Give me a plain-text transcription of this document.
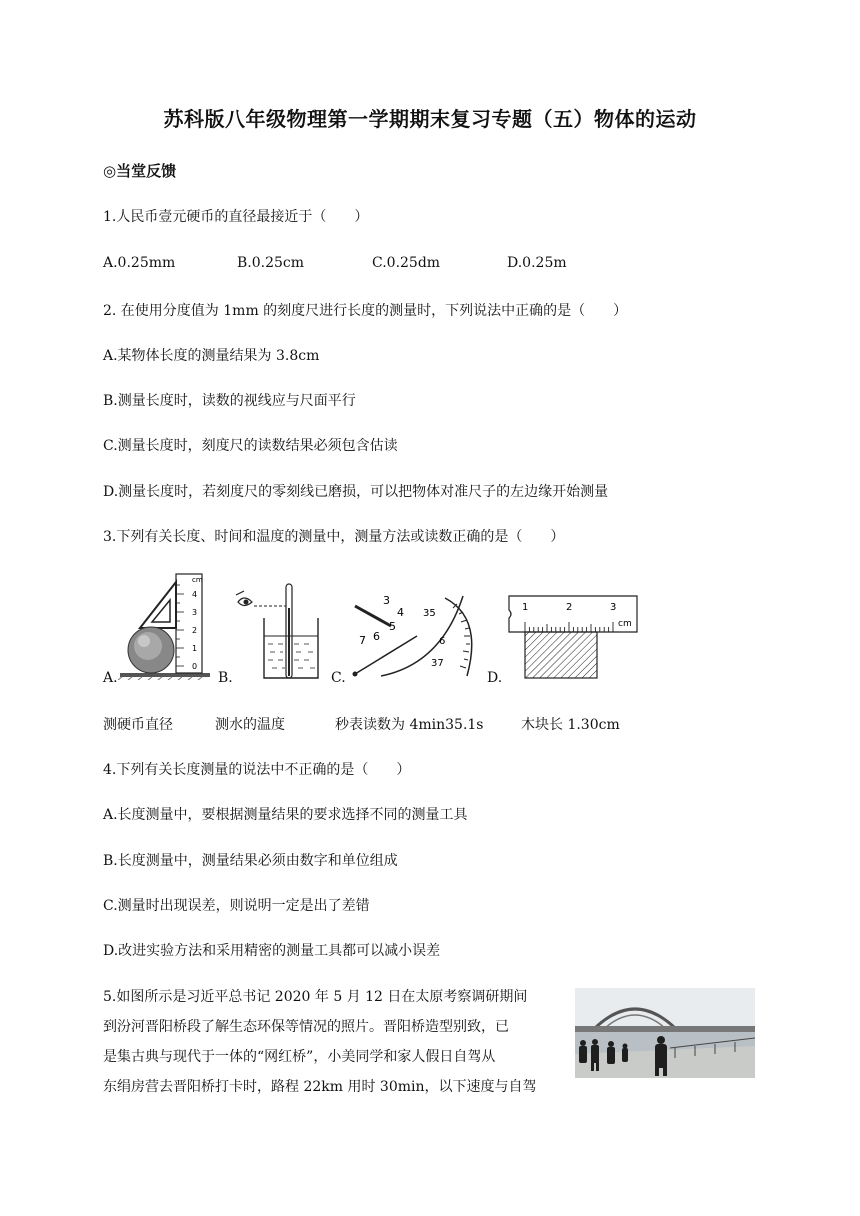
苏科版八年级物理第一学期期末复习专题（五）物体的运动
◎当堂反馈
1.人民币壹元硬币的直径最接近于（　　）
A.0.25mm	B.0.25cm	C.0.25dm	D.0.25m
2. 在使用分度值为 1mm 的刻度尺进行长度的测量时，下列说法中正确的是（　　）
A.某物体长度的测量结果为 3.8cm
B.测量长度时，读数的视线应与尺面平行
C.测量长度时，刻度尺的读数结果必须包含估读
D.测量长度时，若刻度尺的零刻线已磨损，可以把物体对准尺子的左边缘开始测量
3.下列有关长度、时间和温度的测量中，测量方法或读数正确的是（　　）
0
1
2
3
4
cm
A.	B.
3
4
5
6
7
35
6
37
C.
1	2	3
cm
D.
测硬币直径	测水的温度	秒表读数为 4min35.1s	木块长 1.30cm
4.下列有关长度测量的说法中不正确的是（　　）
A.长度测量中，要根据测量结果的要求选择不同的测量工具
B.长度测量中，测量结果必须由数字和单位组成
C.测量时出现误差，则说明一定是出了差错
D.改进实验方法和采用精密的测量工具都可以减小误差
5.如图所示是习近平总书记 2020 年 5 月 12 日在太原考察调研期间
到汾河晋阳桥段了解生态环保等情况的照片。晋阳桥造型别致，已
是集古典与现代于一体的“网红桥”，小美同学和家人假日自驾从
东绢房营去晋阳桥打卡时，路程 22km 用时 30min，以下速度与自驾
